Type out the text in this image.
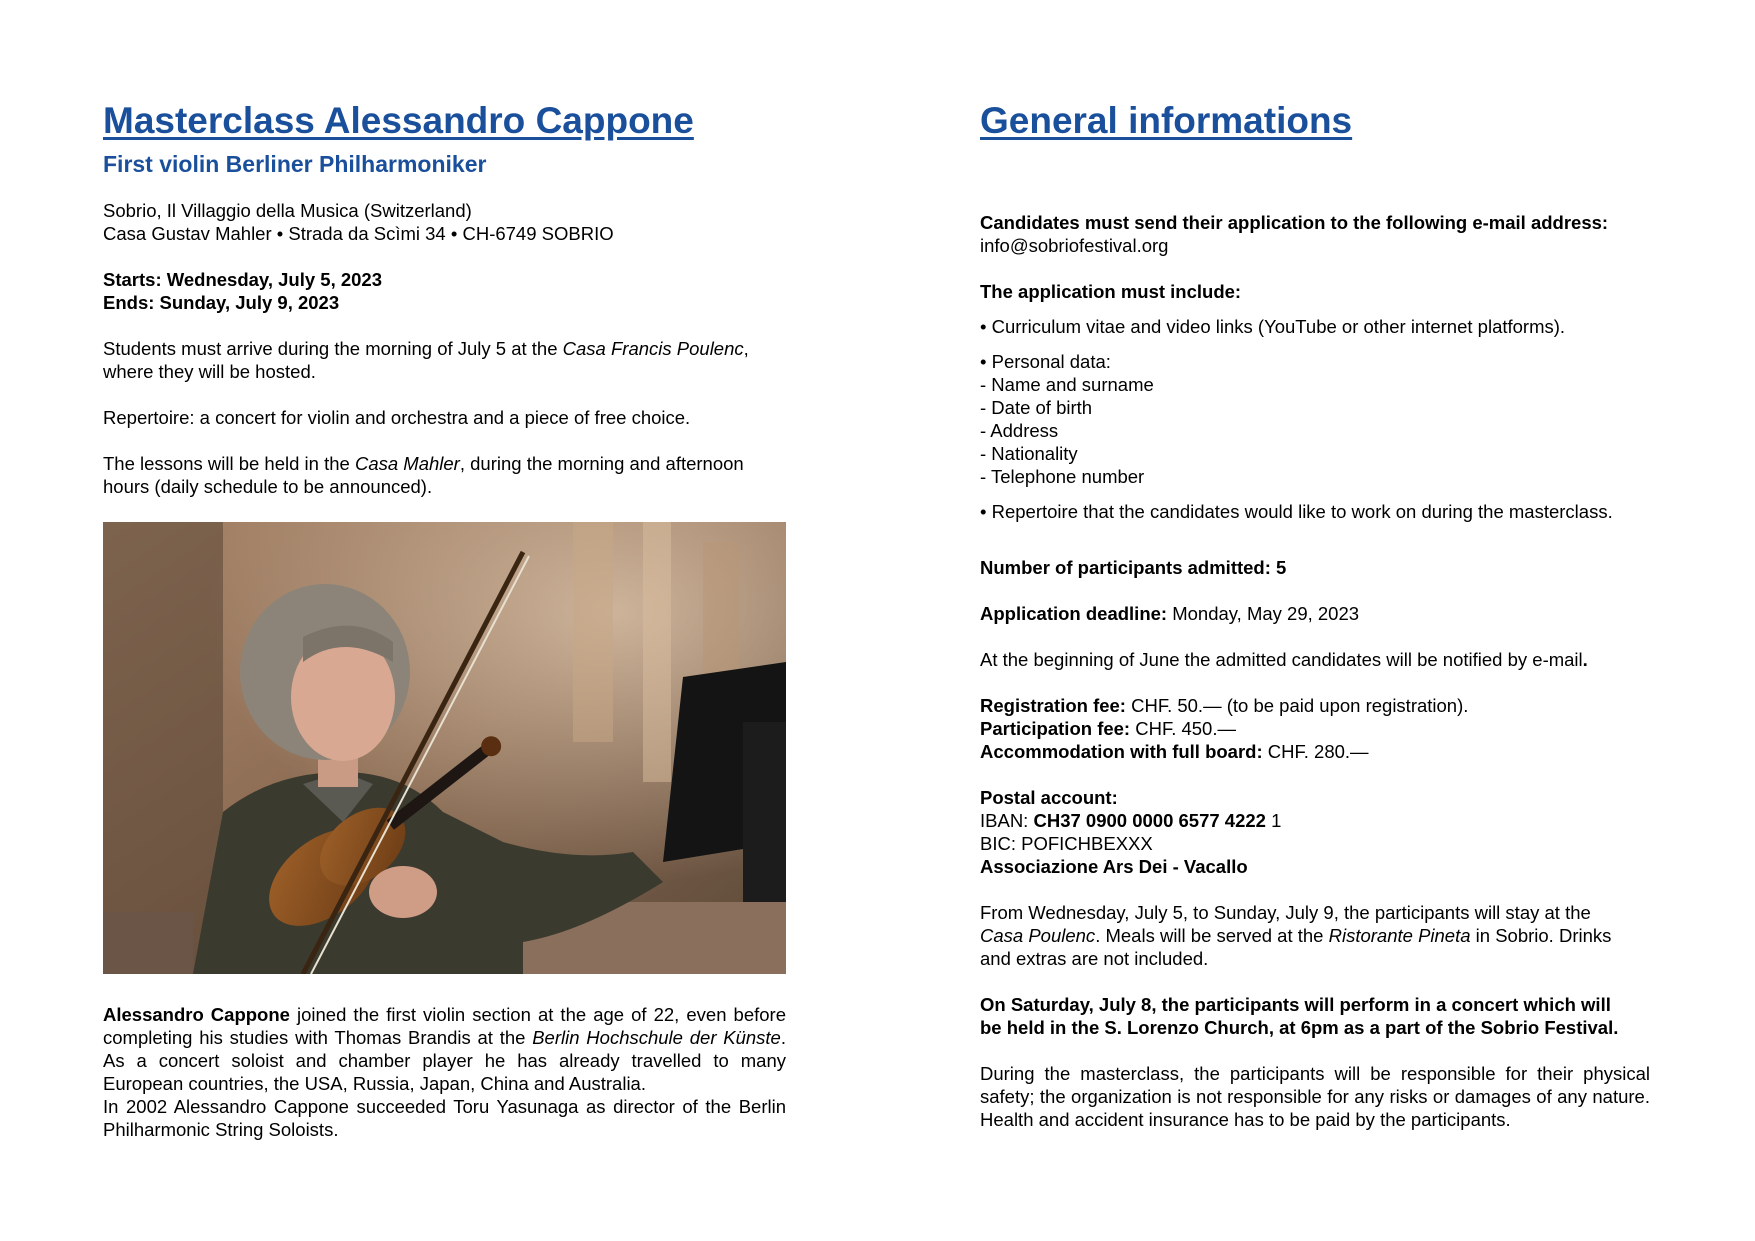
Masterclass Alessandro Cappone
First violin Berliner Philharmoniker

Sobrio, Il Villaggio della Musica (Switzerland)

Casa Gustav Mahler • Strada da Scìmi 34 • CH-6749 SOBRIO

Starts: Wednesday, July 5, 2023

Ends: Sunday, July 9, 2023

Students must arrive during the morning of July 5 at the Casa Francis Poulenc,

where they will be hosted.

Repertoire: a concert for violin and orchestra and a piece of free choice.

The lessons will be held in the Casa Mahler, during the morning and afternoon

hours (daily schedule to be announced).

Alessandro Cappone joined the first violin section at the age of 22, even before completing his studies with Thomas Brandis at the Berlin Hochschule der Künste. As a concert soloist and chamber player he has already travelled to many European countries, the USA, Russia, Japan, China and Australia.
In 2002 Alessandro Cappone succeeded Toru Yasunaga as director of the Berlin Philharmonic String Soloists.

General informations

Candidates must send their application to the following e-mail address:

info@sobriofestival.org

The application must include:

• Curriculum vitae and video links (YouTube or other internet platforms).

• Personal data:

- Name and surname

- Date of birth

- Address

- Nationality

- Telephone number

• Repertoire that the candidates would like to work on during the masterclass.

Number of participants admitted: 5

Application deadline: Monday, May 29, 2023

At the beginning of June the admitted candidates will be notified by e-mail.

Registration fee: CHF. 50.— (to be paid upon registration).

Participation fee: CHF. 450.—

Accommodation with full board: CHF. 280.—

Postal account:

IBAN: CH37 0900 0000 6577 4222 1

BIC: POFICHBEXXX

Associazione Ars Dei - Vacallo

From Wednesday, July 5, to Sunday, July 9, the participants will stay at the

Casa Poulenc. Meals will be served at the Ristorante Pineta in Sobrio. Drinks

and extras are not included.

On Saturday, July 8, the participants will perform in a concert which will

be held in the S. Lorenzo Church, at 6pm as a part of the Sobrio Festival.

During the masterclass, the participants will be responsible for their physical safety; the organization is not responsible for any risks or damages of any nature. Health and accident insurance has to be paid by the participants.
